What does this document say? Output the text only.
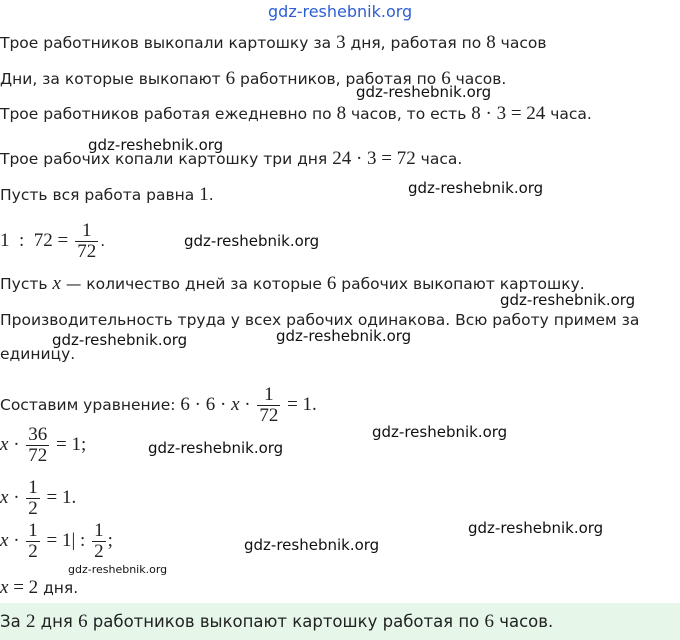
gdz-reshebnik.org
gdz-reshebnik.org
gdz-reshebnik.org
gdz-reshebnik.org
gdz-reshebnik.org
gdz-reshebnik.org
gdz-reshebnik.org	gdz-reshebnik.org
gdz-reshebnik.org
gdz-reshebnik.org
gdz-reshebnik.org
gdz-reshebnik.org
gdz-reshebnik.org
Трое работников выкопали картошку за 3 дня, работая по 8 часов
Дни, за которые выкопают 6 работников, работая по 6 часов.
Трое работников работая ежедневно по 8 часов, то есть 8 · 3 = 24 часа.
Трое рабочих копали картошку три дня 24 · 3 = 72 часа.
Пусть вся работа равна 1.
1  :  $72 = \frac{1}{72}$ .
Пусть x — количество дней за которые 6 рабочих выкопают картошку.
Производительность труда у всех рабочих одинакова. Всю работу примем за
единицу.
Составим уравнение: $6 \cdot 6 \cdot x \cdot \frac{1}{72} = 1$.
$x \cdot \frac{36}{72} = 1$;
$x \cdot \frac{1}{2} = 1$.
$x \cdot \frac{1}{2} = 1|$ : $\frac{1}{2}$ ;
x = 2 дня.
За 2 дня 6 работников выкопают картошку работая по 6 часов.
